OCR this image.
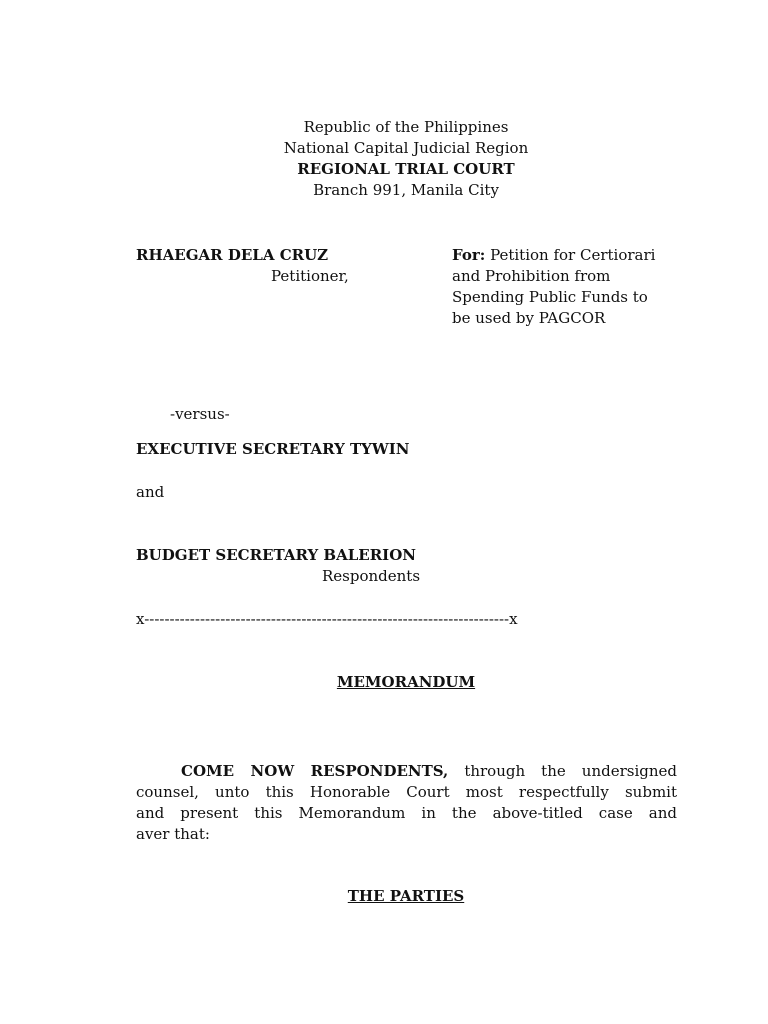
Republic of the Philippines
National Capital Judicial Region
REGIONAL TRIAL COURT
Branch 991, Manila City
RHAEGAR DELA CRUZ
Petitioner,
For: Petition for Certiorari
and Prohibition from
Spending Public Funds to
be used by PAGCOR
-versus-
EXECUTIVE SECRETARY TYWIN
and
BUDGET SECRETARY BALERION
Respondents
x------------------------------------------------------------------------x
MEMORANDUM
COME NOW RESPONDENTS, through the undersigned
counsel, unto this Honorable Court most respectfully submit
and present this Memorandum in the above-titled case and
aver that:
THE PARTIES
